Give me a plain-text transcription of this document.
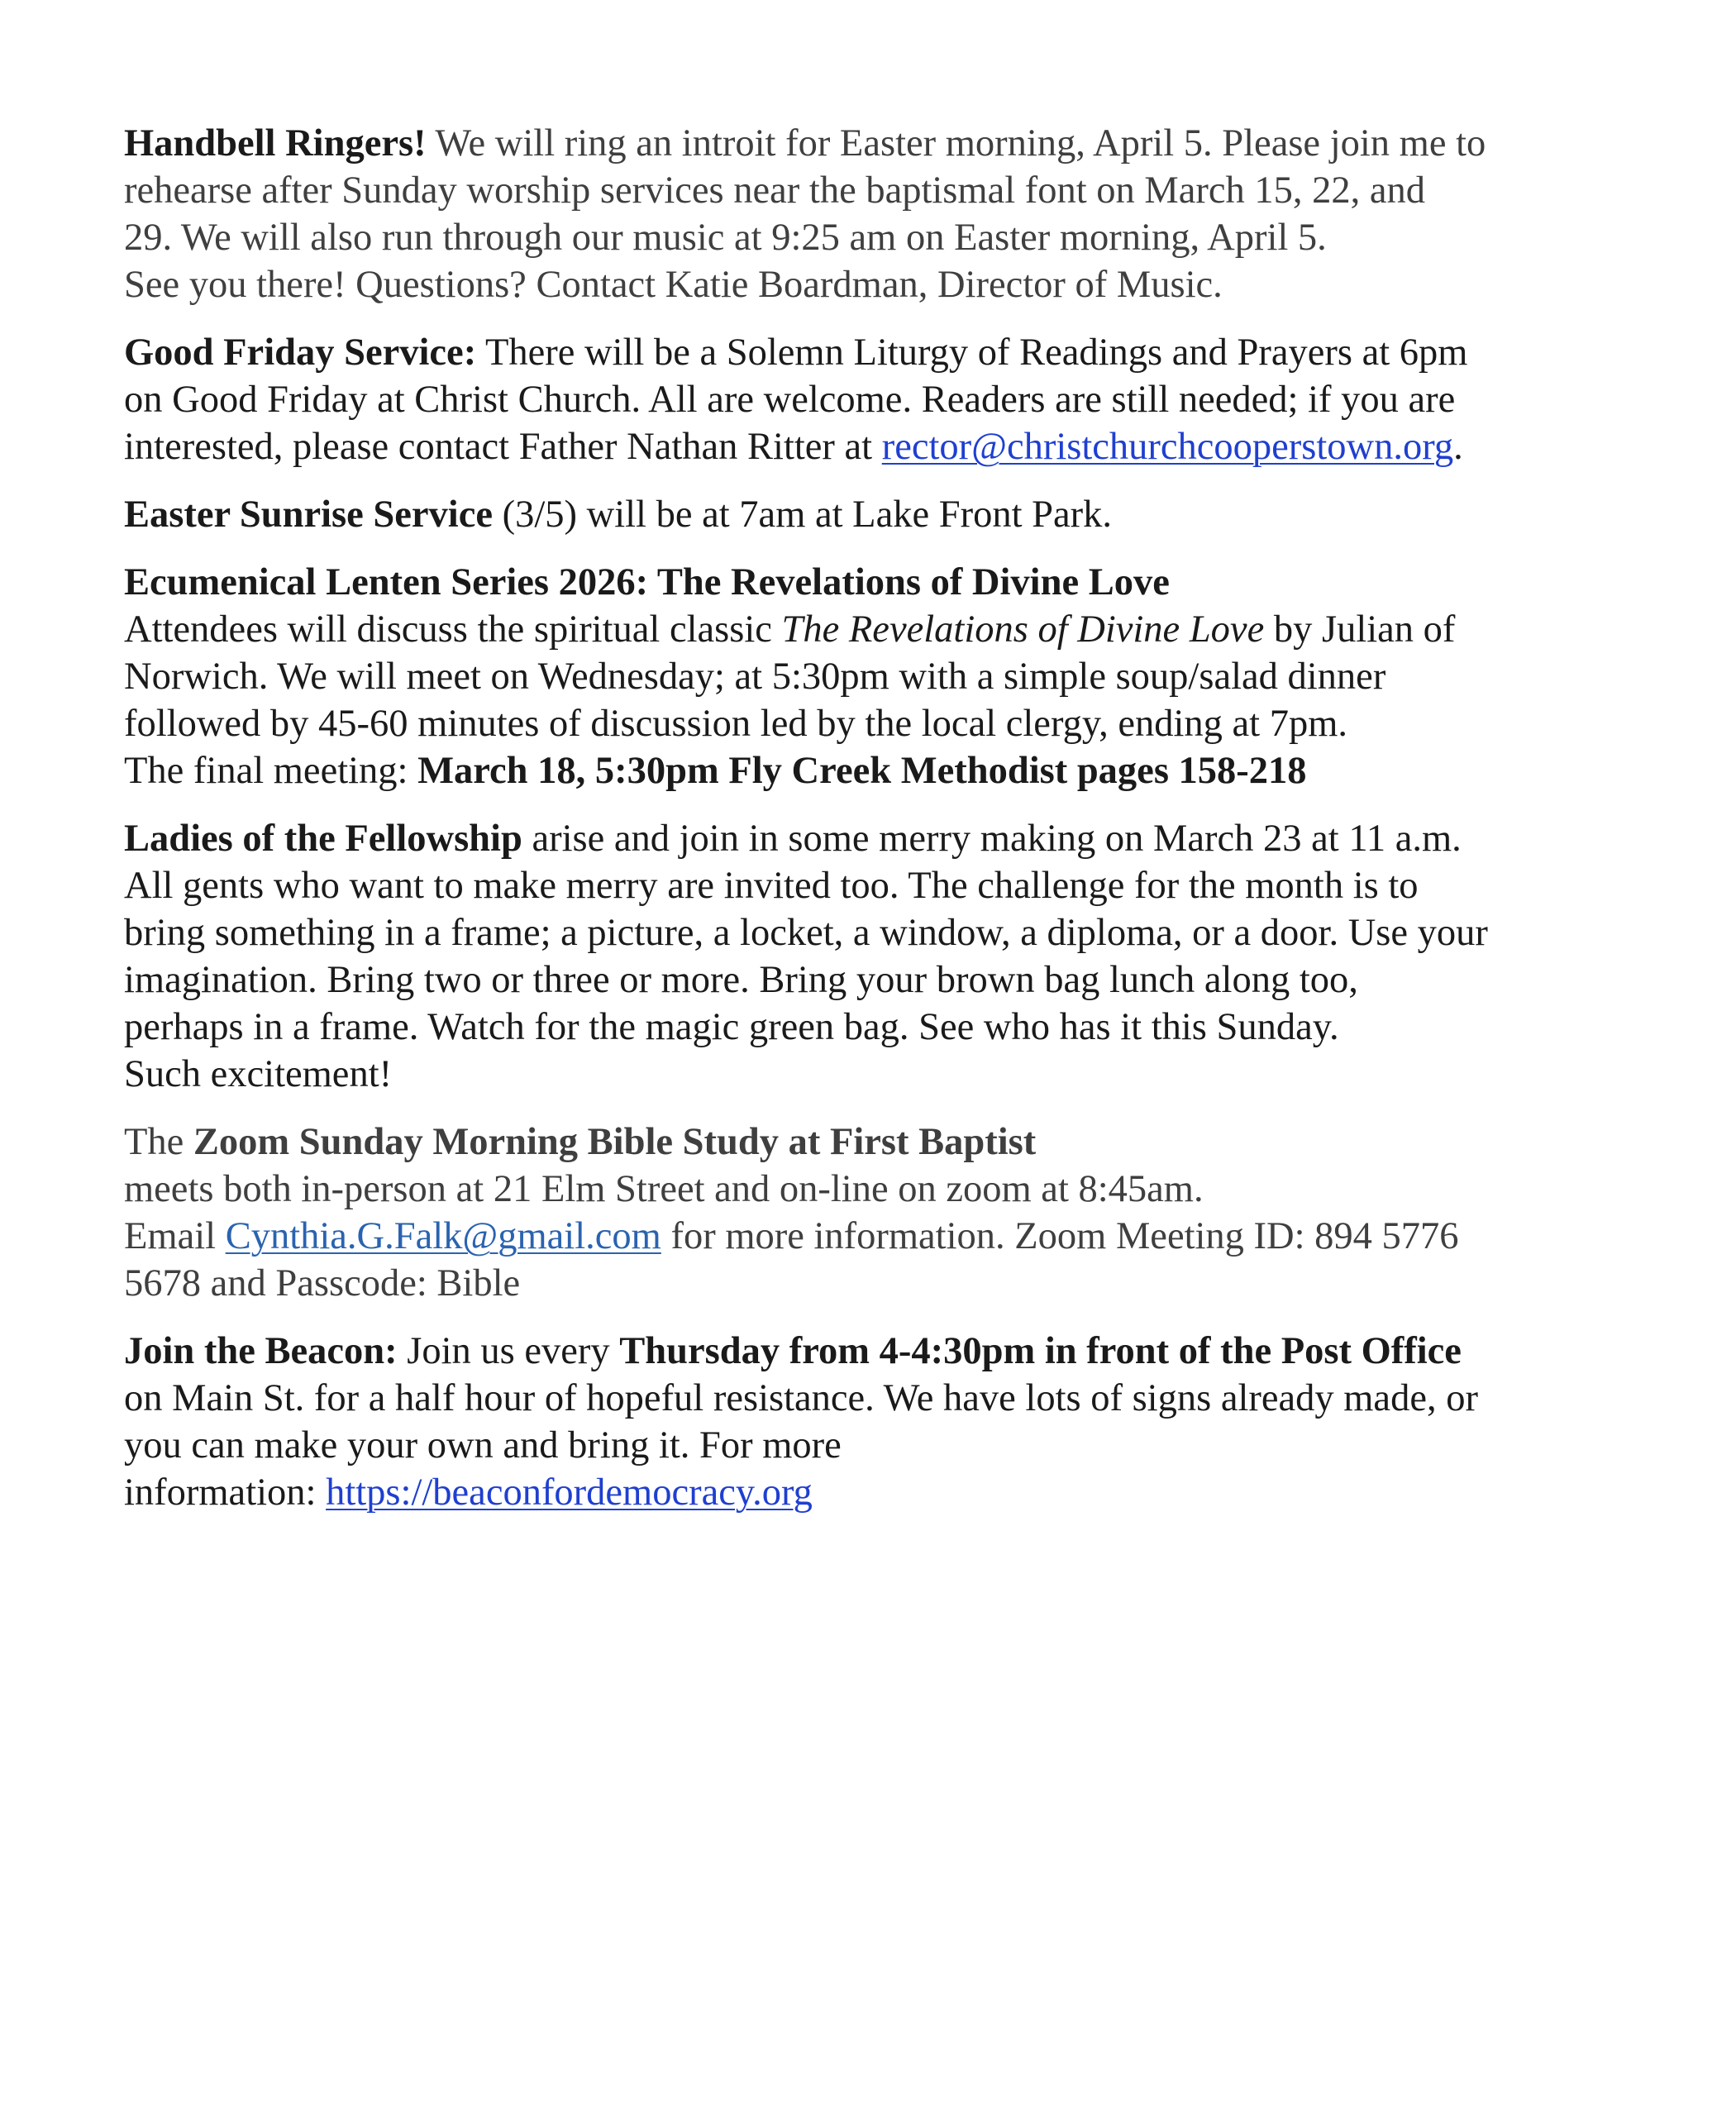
Handbell Ringers! We will ring an introit for Easter morning, April 5. Please join me to
rehearse after Sunday worship services near the baptismal font on March 15, 22, and
29. We will also run through our music at 9:25 am on Easter morning, April 5.
See you there! Questions? Contact Katie Boardman, Director of Music.
Good Friday Service: There will be a Solemn Liturgy of Readings and Prayers at 6pm
on Good Friday at Christ Church. All are welcome. Readers are still needed; if you are
interested, please contact Father Nathan Ritter at rector@christchurchcooperstown.org.
Easter Sunrise Service (3/5) will be at 7am at Lake Front Park.
Ecumenical Lenten Series 2026: The Revelations of Divine Love
Attendees will discuss the spiritual classic The Revelations of Divine Love by Julian of
Norwich. We will meet on Wednesday; at 5:30pm with a simple soup/salad dinner
followed by 45-60 minutes of discussion led by the local clergy, ending at 7pm.
The final meeting: March 18, 5:30pm Fly Creek Methodist pages 158-218
Ladies of the Fellowship arise and join in some merry making on March 23 at 11 a.m.
All gents who want to make merry are invited too. The challenge for the month is to
bring something in a frame; a picture, a locket, a window, a diploma, or a door. Use your
imagination. Bring two or three or more. Bring your brown bag lunch along too,
perhaps in a frame. Watch for the magic green bag. See who has it this Sunday.
Such excitement!
The Zoom Sunday Morning Bible Study at First Baptist
meets both in-person at 21 Elm Street and on-line on zoom at 8:45am.
Email Cynthia.G.Falk@gmail.com for more information. Zoom Meeting ID: 894 5776
5678 and Passcode: Bible
Join the Beacon: Join us every Thursday from 4-4:30pm in front of the Post Office
on Main St. for a half hour of hopeful resistance. We have lots of signs already made, or
you can make your own and bring it. For more
information: https://beaconfordemocracy.org
